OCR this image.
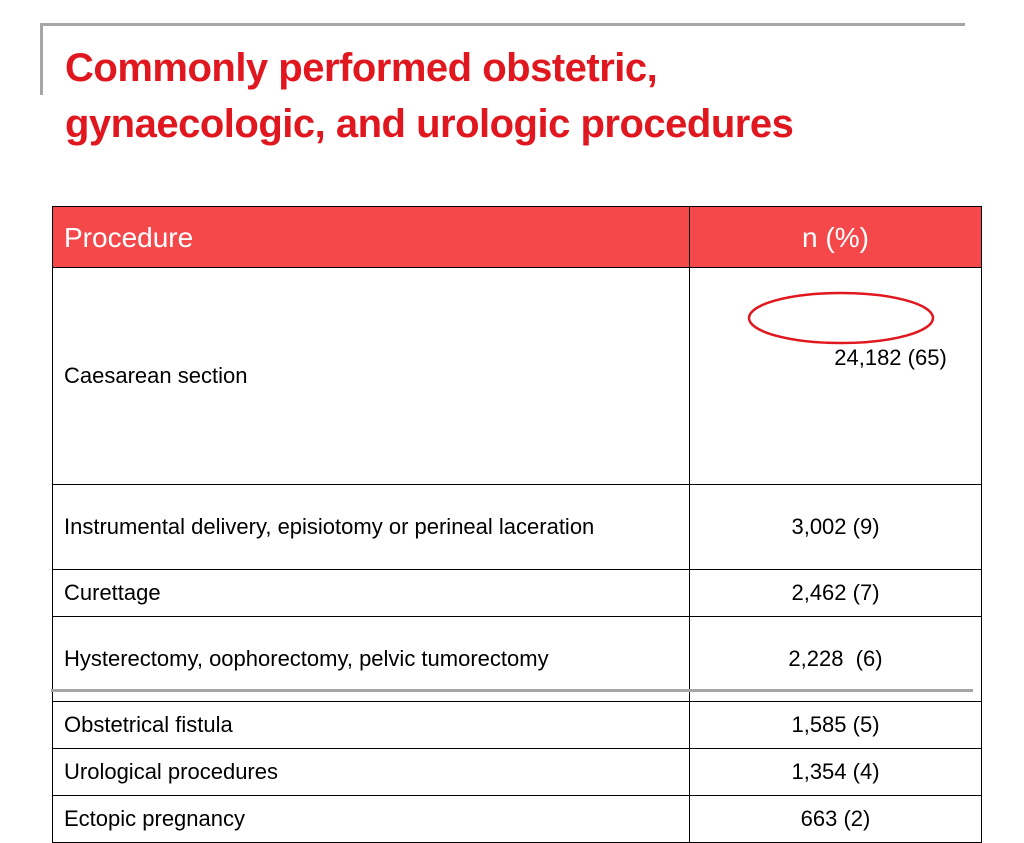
Commonly performed obstetric,
gynaecologic, and urologic procedures
Procedure	n (%)
Caesarean section	24,182 (65)

Instrumental delivery, episiotomy or perineal laceration	3,002 (9)
Curettage	2,462 (7)
Hysterectomy, oophorectomy, pelvic tumorectomy	2,228  (6)
Obstetrical fistula	1,585 (5)
Urological procedures	1,354 (4)
Ectopic pregnancy	663 (2)
